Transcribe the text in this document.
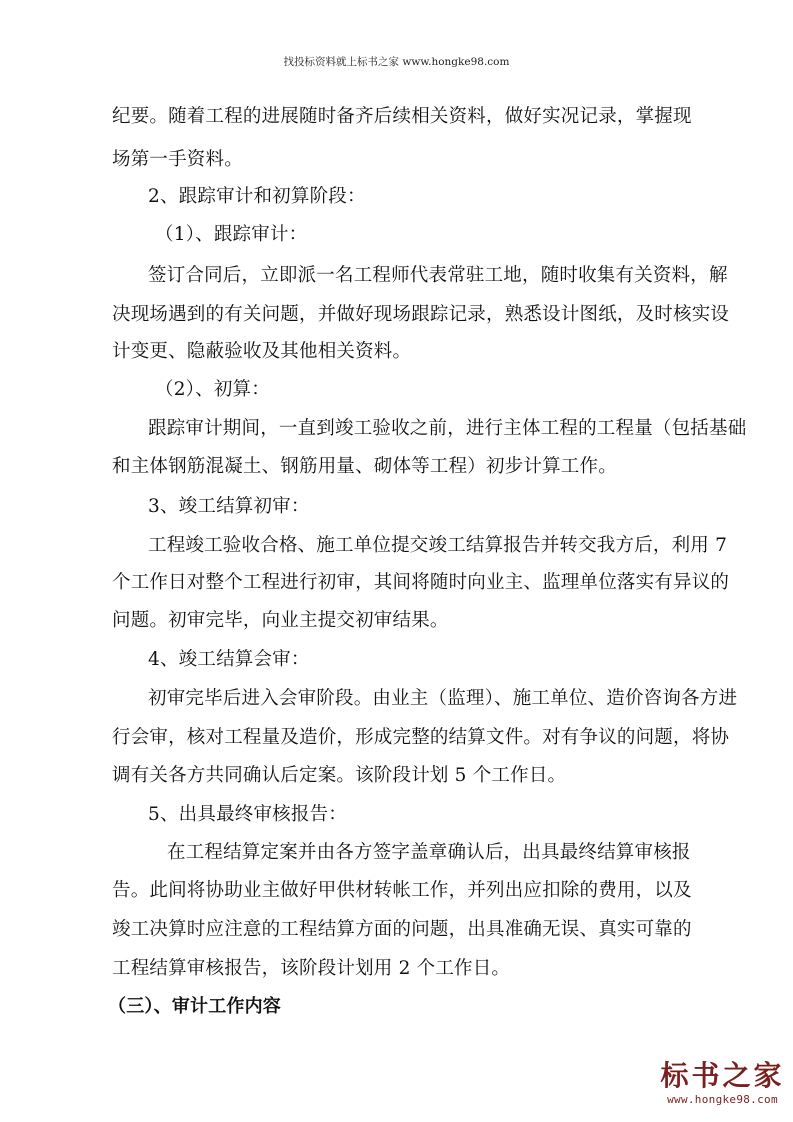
找投标资料就上标书之家 www.hongke98.com
纪要。随着工程的进展随时备齐后续相关资料，做好实况记录，掌握现
场第一手资料。
2、跟踪审计和初算阶段：
（1）、跟踪审计：
签订合同后，立即派一名工程师代表常驻工地，随时收集有关资料，解
决现场遇到的有关问题，并做好现场跟踪记录，熟悉设计图纸，及时核实设
计变更、隐蔽验收及其他相关资料。
（2）、初算：
跟踪审计期间，一直到竣工验收之前，进行主体工程的工程量（包括基础
和主体钢筋混凝土、钢筋用量、砌体等工程）初步计算工作。
3、竣工结算初审：
工程竣工验收合格、施工单位提交竣工结算报告并转交我方后，利用 7
个工作日对整个工程进行初审，其间将随时向业主、监理单位落实有异议的
问题。初审完毕，向业主提交初审结果。
4、竣工结算会审：
初审完毕后进入会审阶段。由业主（监理）、施工单位、造价咨询各方进
行会审，核对工程量及造价，形成完整的结算文件。对有争议的问题，将协
调有关各方共同确认后定案。该阶段计划 5 个工作日。
5、出具最终审核报告：
在工程结算定案并由各方签字盖章确认后，出具最终结算审核报
告。此间将协助业主做好甲供材转帐工作，并列出应扣除的费用，以及
竣工决算时应注意的工程结算方面的问题，出具准确无误、真实可靠的
工程结算审核报告，该阶段计划用 2 个工作日。
（三）、审计工作内容
标书之家
www.hongke98.com
